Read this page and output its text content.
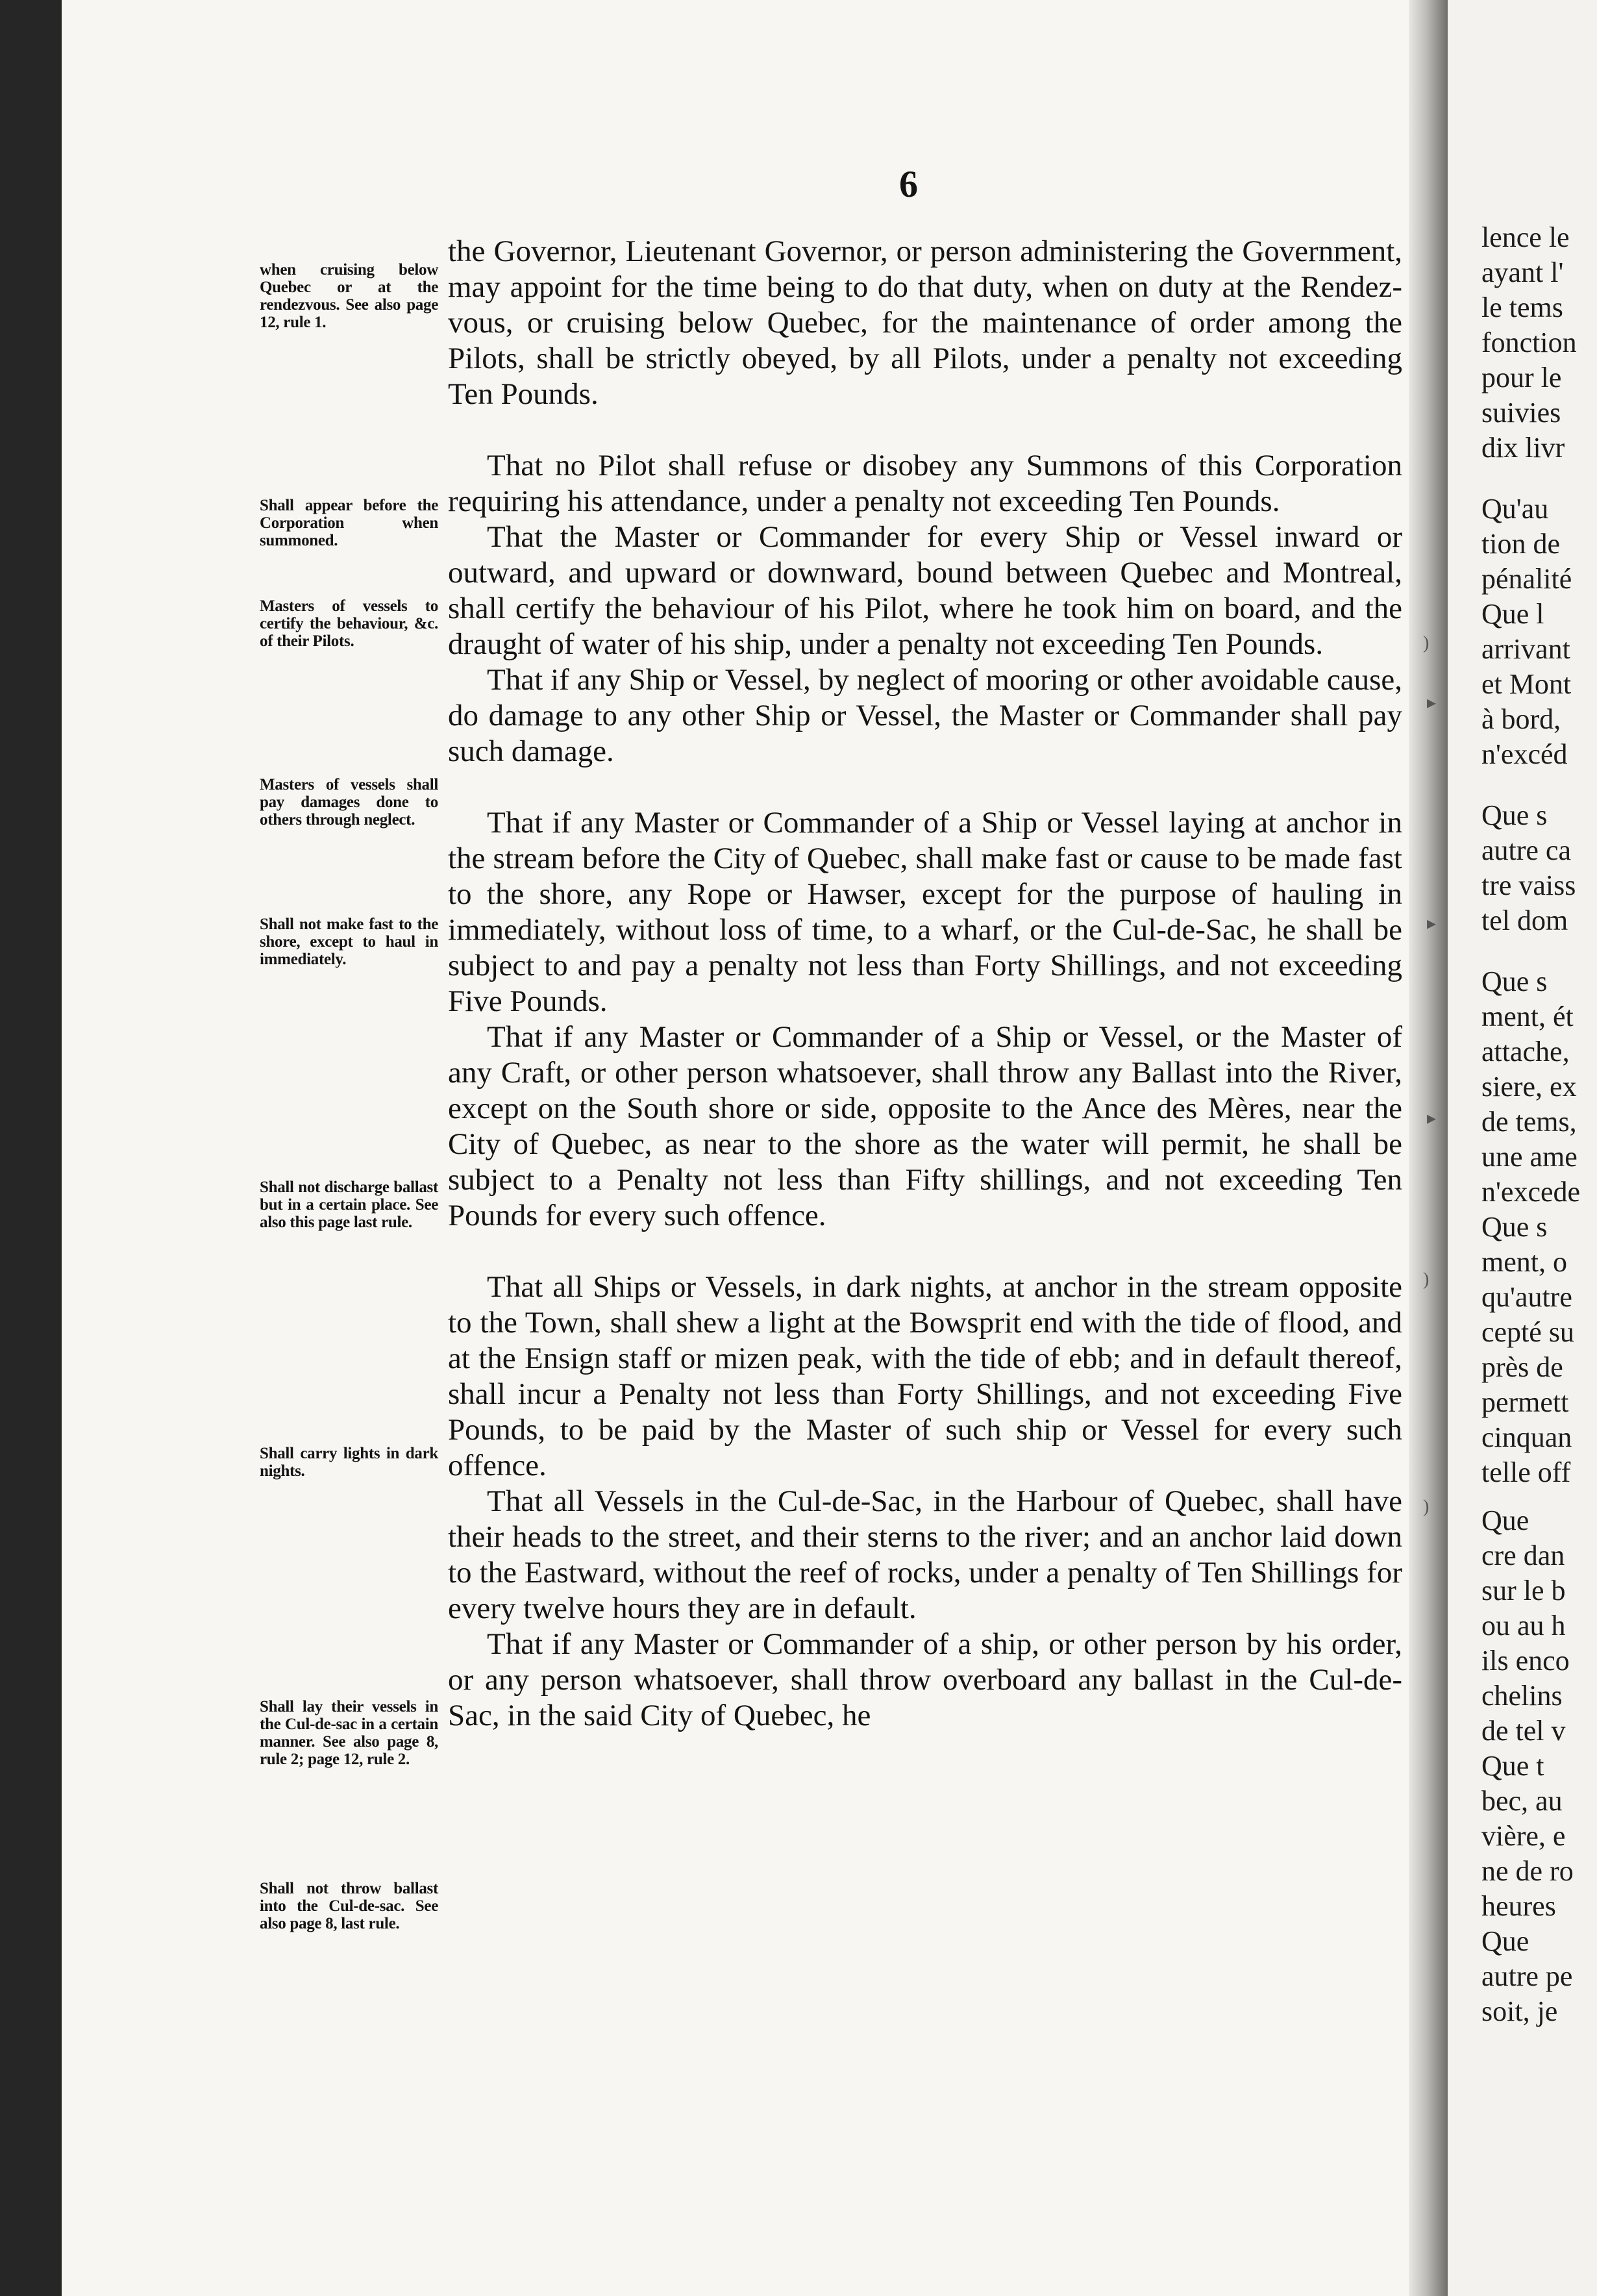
6
when cruising below Quebec or at the rendezvous. See also page 12, rule 1.
Shall appear before the Corporation when summoned.
Masters of vessels to certify the behaviour, &c. of their Pilots.
Masters of vessels shall pay damages done to others through neglect.
Shall not make fast to the shore, except to haul in immediately.
Shall not discharge ballast but in a certain place. See also this page last rule.
Shall carry lights in dark nights.
Shall lay their vessels in the Cul-de-sac in a certain manner. See also page 8, rule 2; page 12, rule 2.
Shall not throw ballast into the Cul-de-sac. See also page 8, last rule.

the Governor, Lieutenant Governor, or person administering the Government, may appoint for the time being to do that duty, when on duty at the Rendez-vous, or cruising below Quebec, for the maintenance of order among the Pilots, shall be strictly obeyed, by all Pilots, under a penalty not exceeding Ten Pounds.

That no Pilot shall refuse or disobey any Summons of this Corporation requiring his attendance, under a penalty not exceeding Ten Pounds.

That the Master or Commander for every Ship or Vessel inward or outward, and upward or downward, bound between Quebec and Montreal, shall certify the behaviour of his Pilot, where he took him on board, and the draught of water of his ship, under a penalty not exceeding Ten Pounds.

That if any Ship or Vessel, by neglect of mooring or other avoidable cause, do damage to any other Ship or Vessel, the Master or Commander shall pay such damage.

That if any Master or Commander of a Ship or Vessel laying at anchor in the stream before the City of Quebec, shall make fast or cause to be made fast to the shore, any Rope or Hawser, except for the purpose of hauling in immediately, without loss of time, to a wharf, or the Cul-de-Sac, he shall be subject to and pay a penalty not less than Forty Shillings, and not exceeding Five Pounds.

That if any Master or Commander of a Ship or Vessel, or the Master of any Craft, or other person whatsoever, shall throw any Ballast into the River, except on the South shore or side, opposite to the Ance des Mères, near the City of Quebec, as near to the shore as the water will permit, he shall be subject to a Penalty not less than Fifty shillings, and not exceeding Ten Pounds for every such offence.

That all Ships or Vessels, in dark nights, at anchor in the stream opposite to the Town, shall shew a light at the Bowsprit end with the tide of flood, and at the Ensign staff or mizen peak, with the tide of ebb; and in default thereof, shall incur a Penalty not less than Forty Shillings, and not exceeding Five Pounds, to be paid by the Master of such ship or Vessel for every such offence.

That all Vessels in the Cul-de-Sac, in the Harbour of Quebec, shall have their heads to the street, and their sterns to the river; and an anchor laid down to the Eastward, without the reef of rocks, under a penalty of Ten Shillings for every twelve hours they are in default.

That if any Master or Commander of a ship, or other person by his order, or any person whatsoever, shall throw overboard any ballast in the Cul-de-Sac, in the said City of Quebec, he

)
▸
▸
▸
)
)
lence le
ayant l'
le tems
fonction
pour le
suivies
dix livr
Qu'au
tion de
pénalité
Que l
arrivant
et Mont
à bord,
n'excéd
Que s
autre ca
tre vaiss
tel dom
Que s
ment, ét
attache,
siere, ex
de tems,
une ame
n'excede
Que s
ment, o
qu'autre
cepté su
près de
permett
cinquan
telle off
Que
cre dan
sur le b
ou au h
ils enco
chelins
de tel v
Que t
bec, au
vière, e
ne de ro
heures
Que
autre pe
soit, je
